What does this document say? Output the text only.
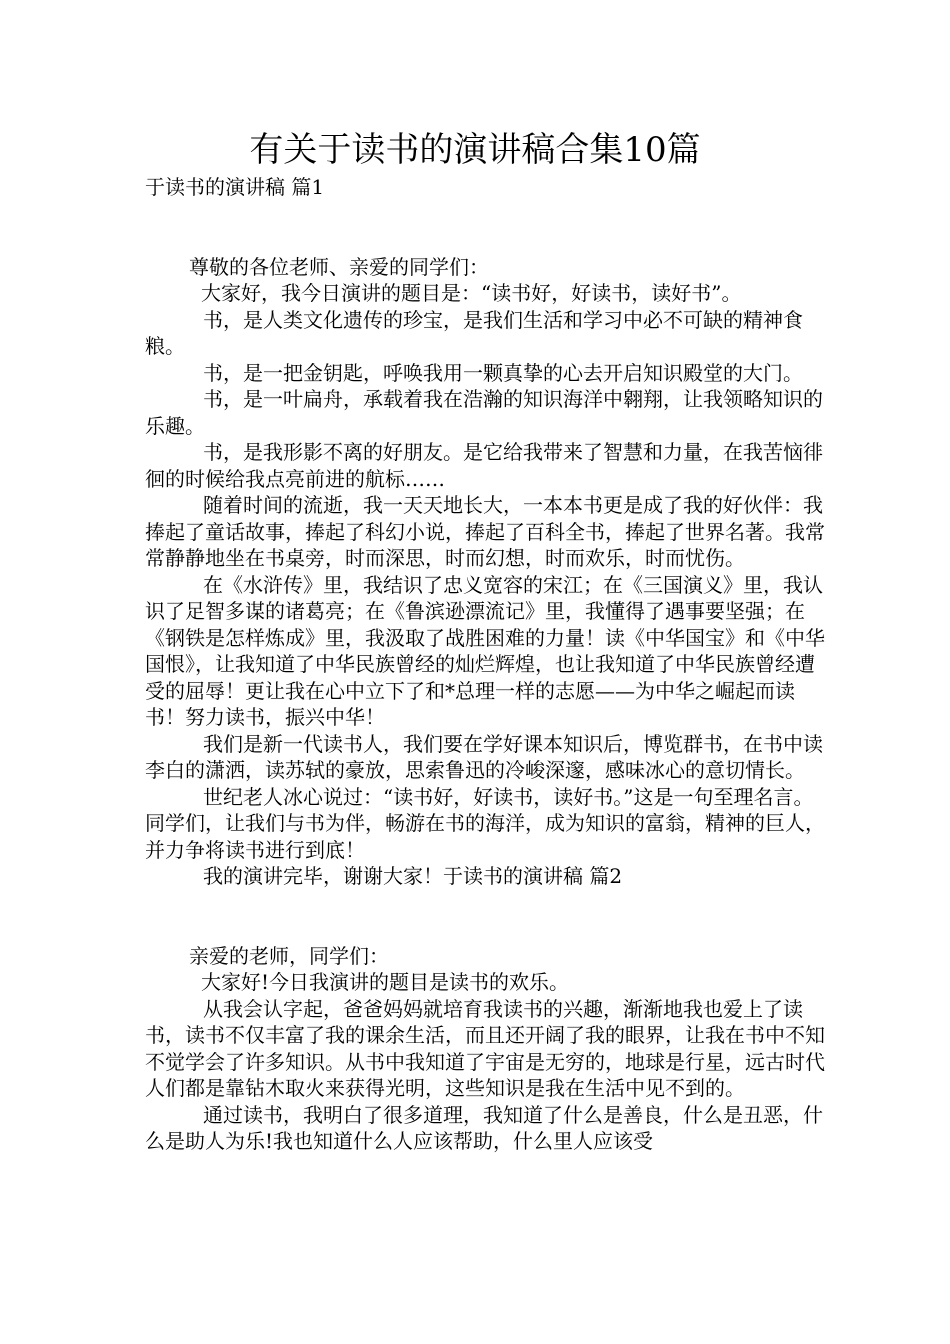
有关于读书的演讲稿合集10篇

于读书的演讲稿 篇1

尊敬的各位老师、亲爱的同学们：

大家好，我今日演讲的题目是：“读书好，好读书，读好书”。

书，是人类文化遗传的珍宝，是我们生活和学习中必不可缺的精神食粮。

书，是一把金钥匙，呼唤我用一颗真挚的心去开启知识殿堂的大门。

书，是一叶扁舟，承载着我在浩瀚的知识海洋中翱翔，让我领略知识的乐趣。

书，是我形影不离的好朋友。是它给我带来了智慧和力量，在我苦恼徘徊的时候给我点亮前进的航标……

随着时间的流逝，我一天天地长大，一本本书更是成了我的好伙伴：我捧起了童话故事，捧起了科幻小说，捧起了百科全书，捧起了世界名著。我常常静静地坐在书桌旁，时而深思，时而幻想，时而欢乐，时而忧伤。

在《水浒传》里，我结识了忠义宽容的宋江；在《三国演义》里，我认识了足智多谋的诸葛亮；在《鲁滨逊漂流记》里，我懂得了遇事要坚强；在《钢铁是怎样炼成》里，我汲取了战胜困难的力量！读《中华国宝》和《中华国恨》，让我知道了中华民族曾经的灿烂辉煌，也让我知道了中华民族曾经遭受的屈辱！更让我在心中立下了和*总理一样的志愿——为中华之崛起而读书！努力读书，振兴中华！

我们是新一代读书人，我们要在学好课本知识后，博览群书，在书中读李白的潇洒，读苏轼的豪放，思索鲁迅的冷峻深邃，感味冰心的意切情长。

世纪老人冰心说过：“读书好，好读书，读好书。”这是一句至理名言。同学们，让我们与书为伴，畅游在书的海洋，成为知识的富翁，精神的巨人，并力争将读书进行到底！

我的演讲完毕，谢谢大家！于读书的演讲稿 篇2

亲爱的老师，同学们：

大家好!今日我演讲的题目是读书的欢乐。

从我会认字起，爸爸妈妈就培育我读书的兴趣，渐渐地我也爱上了读书，读书不仅丰富了我的课余生活，而且还开阔了我的眼界，让我在书中不知不觉学会了许多知识。从书中我知道了宇宙是无穷的，地球是行星，远古时代人们都是靠钻木取火来获得光明，这些知识是我在生活中见不到的。

通过读书，我明白了很多道理，我知道了什么是善良，什么是丑恶，什么是助人为乐!我也知道什么人应该帮助，什么里人应该受
